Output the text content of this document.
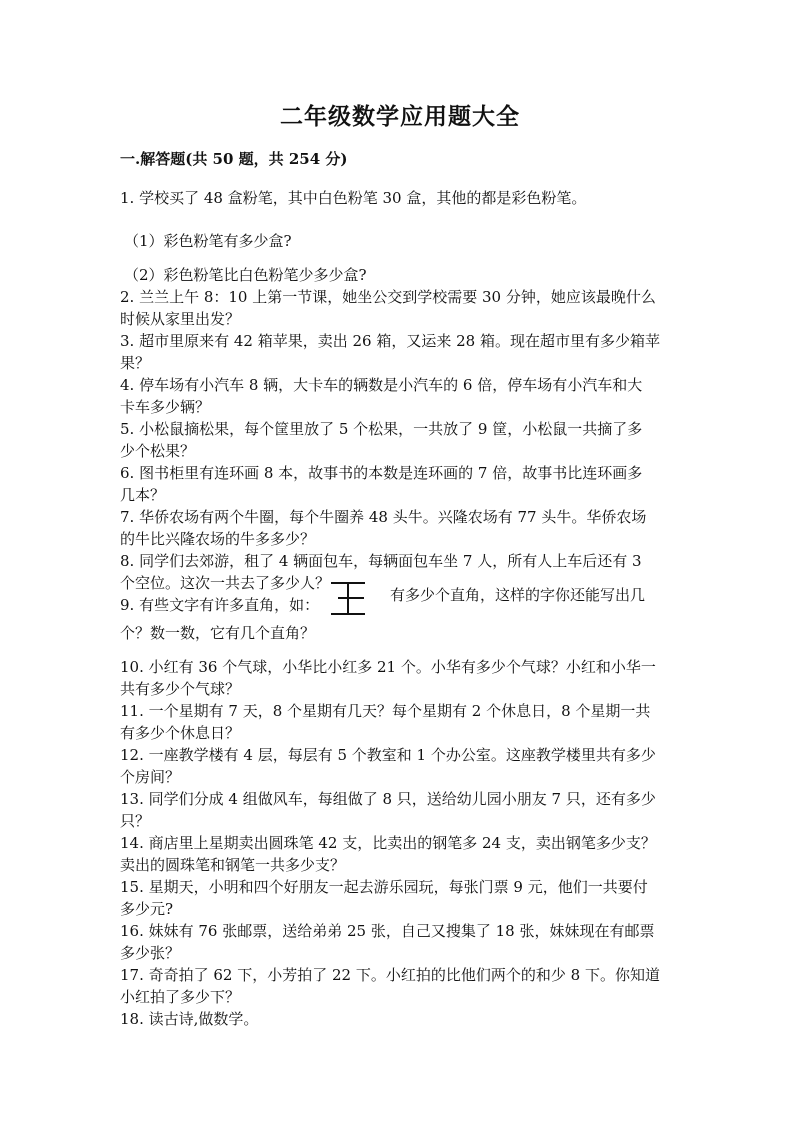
二年级数学应用题大全
一.解答题(共 50 题，共 254 分)
1. 学校买了 48 盒粉笔，其中白色粉笔 30 盒，其他的都是彩色粉笔。
（1）彩色粉笔有多少盒?
（2）彩色粉笔比白色粉笔少多少盒?
2. 兰兰上午 8：10 上第一节课，她坐公交到学校需要 30 分钟，她应该最晚什么
时候从家里出发？
3. 超市里原来有 42 箱苹果，卖出 26 箱，又运来 28 箱。现在超市里有多少箱苹
果？
4. 停车场有小汽车 8 辆，大卡车的辆数是小汽车的 6 倍，停车场有小汽车和大
卡车多少辆？
5. 小松鼠摘松果，每个筐里放了 5 个松果，一共放了 9 筐，小松鼠一共摘了多
少个松果？
6. 图书柜里有连环画 8 本，故事书的本数是连环画的 7 倍，故事书比连环画多
几本？
7. 华侨农场有两个牛圈，每个牛圈养 48 头牛。兴隆农场有 77 头牛。华侨农场
的牛比兴隆农场的牛多多少？
8. 同学们去郊游，租了 4 辆面包车，每辆面包车坐 7 人，所有人上车后还有 3
个空位。这次一共去了多少人？
9. 有些文字有许多直角，如：
有多少个直角，这样的字你还能写出几
个？数一数，它有几个直角？
10. 小红有 36 个气球，小华比小红多 21 个。小华有多少个气球？小红和小华一
共有多少个气球？
11. 一个星期有 7 天，8 个星期有几天？每个星期有 2 个休息日，8 个星期一共
有多少个休息日？
12. 一座教学楼有 4 层，每层有 5 个教室和 1 个办公室。这座教学楼里共有多少
个房间？
13. 同学们分成 4 组做风车，每组做了 8 只，送给幼儿园小朋友 7 只，还有多少
只？
14. 商店里上星期卖出圆珠笔 42 支，比卖出的钢笔多 24 支，卖出钢笔多少支？
卖出的圆珠笔和钢笔一共多少支？
15. 星期天，小明和四个好朋友一起去游乐园玩，每张门票 9 元，他们一共要付
多少元?
16. 妹妹有 76 张邮票，送给弟弟 25 张，自己又搜集了 18 张，妹妹现在有邮票
多少张？
17. 奇奇拍了 62 下，小芳拍了 22 下。小红拍的比他们两个的和少 8 下。你知道
小红拍了多少下？
18. 读古诗,做数学。
